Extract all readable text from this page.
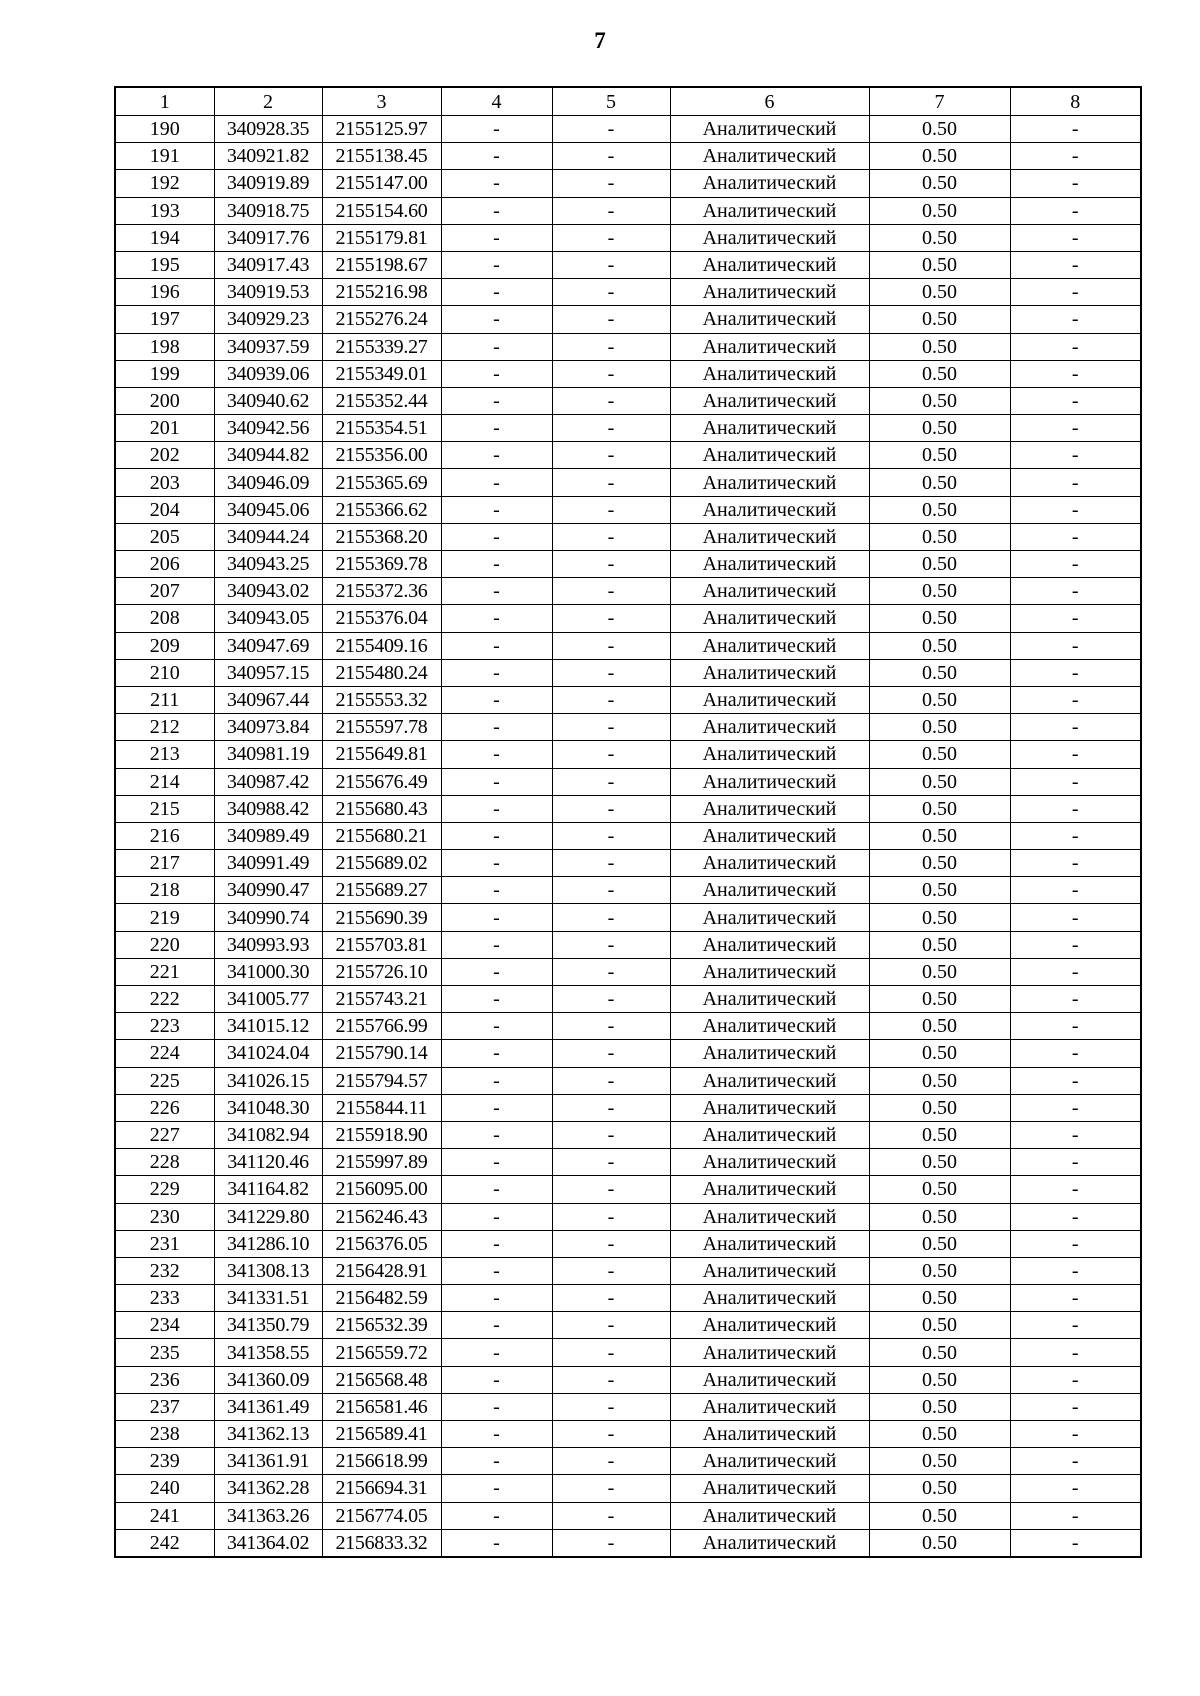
7
1	2	3	4	5	6	7	8
190	340928.35	2155125.97	-	-	Аналитический	0.50	-
191	340921.82	2155138.45	-	-	Аналитический	0.50	-
192	340919.89	2155147.00	-	-	Аналитический	0.50	-
193	340918.75	2155154.60	-	-	Аналитический	0.50	-
194	340917.76	2155179.81	-	-	Аналитический	0.50	-
195	340917.43	2155198.67	-	-	Аналитический	0.50	-
196	340919.53	2155216.98	-	-	Аналитический	0.50	-
197	340929.23	2155276.24	-	-	Аналитический	0.50	-
198	340937.59	2155339.27	-	-	Аналитический	0.50	-
199	340939.06	2155349.01	-	-	Аналитический	0.50	-
200	340940.62	2155352.44	-	-	Аналитический	0.50	-
201	340942.56	2155354.51	-	-	Аналитический	0.50	-
202	340944.82	2155356.00	-	-	Аналитический	0.50	-
203	340946.09	2155365.69	-	-	Аналитический	0.50	-
204	340945.06	2155366.62	-	-	Аналитический	0.50	-
205	340944.24	2155368.20	-	-	Аналитический	0.50	-
206	340943.25	2155369.78	-	-	Аналитический	0.50	-
207	340943.02	2155372.36	-	-	Аналитический	0.50	-
208	340943.05	2155376.04	-	-	Аналитический	0.50	-
209	340947.69	2155409.16	-	-	Аналитический	0.50	-
210	340957.15	2155480.24	-	-	Аналитический	0.50	-
211	340967.44	2155553.32	-	-	Аналитический	0.50	-
212	340973.84	2155597.78	-	-	Аналитический	0.50	-
213	340981.19	2155649.81	-	-	Аналитический	0.50	-
214	340987.42	2155676.49	-	-	Аналитический	0.50	-
215	340988.42	2155680.43	-	-	Аналитический	0.50	-
216	340989.49	2155680.21	-	-	Аналитический	0.50	-
217	340991.49	2155689.02	-	-	Аналитический	0.50	-
218	340990.47	2155689.27	-	-	Аналитический	0.50	-
219	340990.74	2155690.39	-	-	Аналитический	0.50	-
220	340993.93	2155703.81	-	-	Аналитический	0.50	-
221	341000.30	2155726.10	-	-	Аналитический	0.50	-
222	341005.77	2155743.21	-	-	Аналитический	0.50	-
223	341015.12	2155766.99	-	-	Аналитический	0.50	-
224	341024.04	2155790.14	-	-	Аналитический	0.50	-
225	341026.15	2155794.57	-	-	Аналитический	0.50	-
226	341048.30	2155844.11	-	-	Аналитический	0.50	-
227	341082.94	2155918.90	-	-	Аналитический	0.50	-
228	341120.46	2155997.89	-	-	Аналитический	0.50	-
229	341164.82	2156095.00	-	-	Аналитический	0.50	-
230	341229.80	2156246.43	-	-	Аналитический	0.50	-
231	341286.10	2156376.05	-	-	Аналитический	0.50	-
232	341308.13	2156428.91	-	-	Аналитический	0.50	-
233	341331.51	2156482.59	-	-	Аналитический	0.50	-
234	341350.79	2156532.39	-	-	Аналитический	0.50	-
235	341358.55	2156559.72	-	-	Аналитический	0.50	-
236	341360.09	2156568.48	-	-	Аналитический	0.50	-
237	341361.49	2156581.46	-	-	Аналитический	0.50	-
238	341362.13	2156589.41	-	-	Аналитический	0.50	-
239	341361.91	2156618.99	-	-	Аналитический	0.50	-
240	341362.28	2156694.31	-	-	Аналитический	0.50	-
241	341363.26	2156774.05	-	-	Аналитический	0.50	-
242	341364.02	2156833.32	-	-	Аналитический	0.50	-
